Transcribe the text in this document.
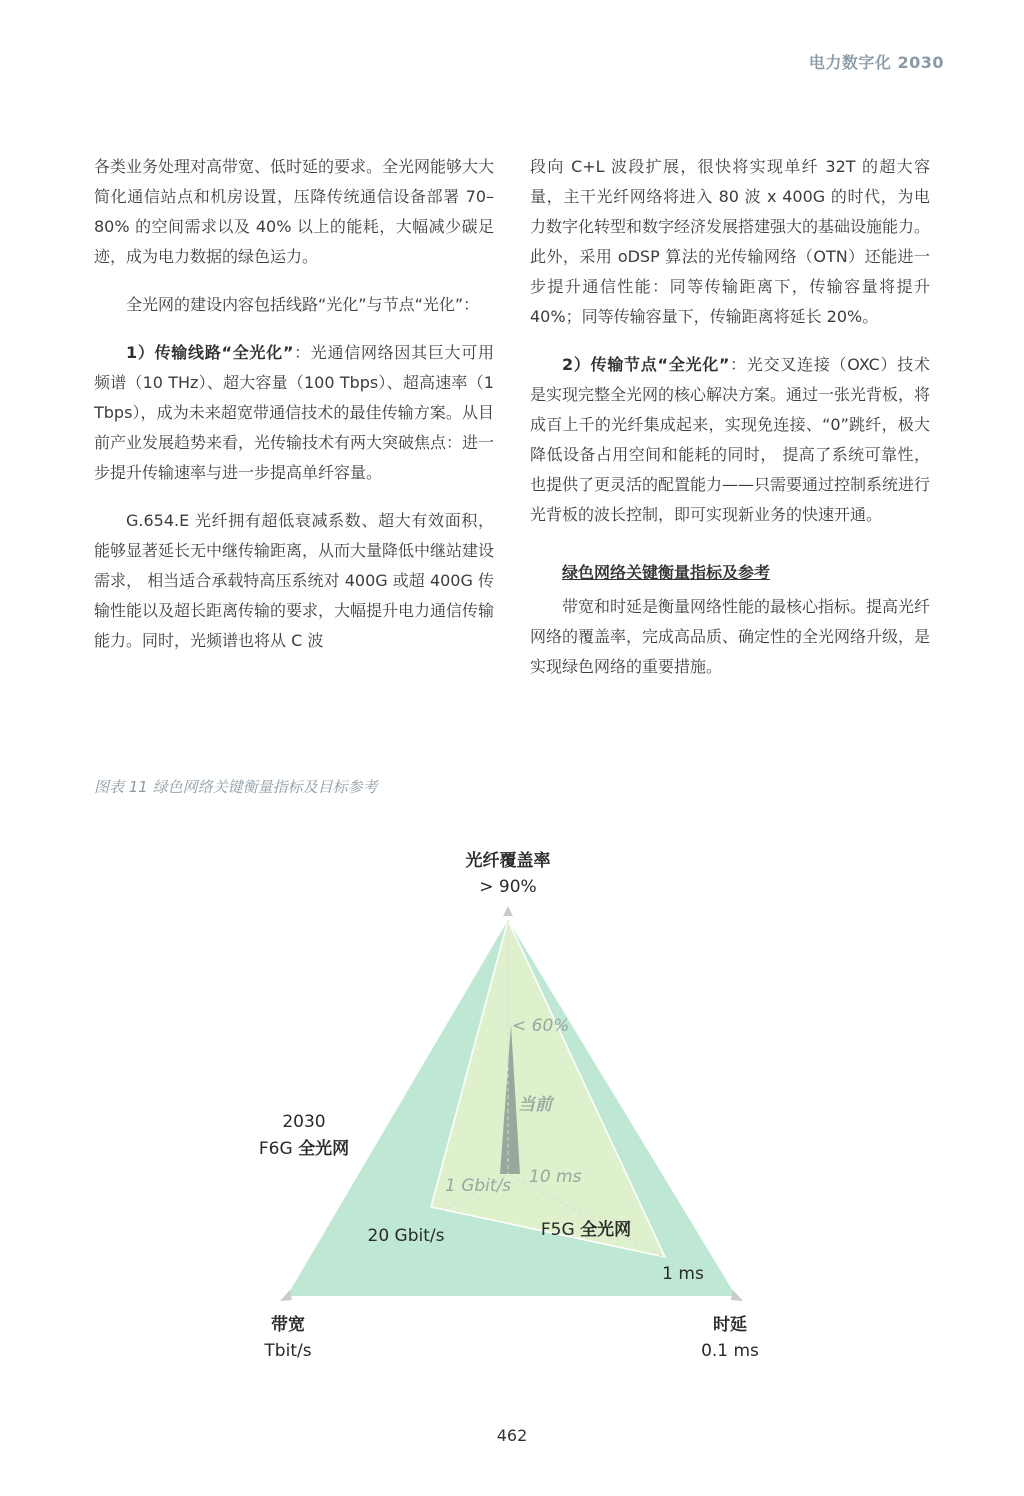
电力数字化 2030

各类业务处理对高带宽、低时延的要求。全光网能够大大简化通信站点和机房设置，压降传统通信设备部署 70–80% 的空间需求以及 40% 以上的能耗，大幅减少碳足迹，成为电力数据的绿色运力。

全光网的建设内容包括线路“光化”与节点“光化”：

1）传输线路“全光化”：光通信网络因其巨大可用频谱（10 THz）、超大容量（100 Tbps）、超高速率（1 Tbps），成为未来超宽带通信技术的最佳传输方案。从目前产业发展趋势来看，光传输技术有两大突破焦点：进一步提升传输速率与进一步提高单纤容量。

G.654.E 光纤拥有超低衰减系数、超大有效面积，能够显著延长无中继传输距离，从而大量降低中继站建设需求， 相当适合承载特高压系统对 400G 或超 400G 传输性能以及超长距离传输的要求，大幅提升电力通信传输能力。同时，光频谱也将从 C 波

段向 C+L 波段扩展，很快将实现单纤 32T 的超大容量，主干光纤网络将进入 80 波 x 400G 的时代，为电力数字化转型和数字经济发展搭建强大的基础设施能力。此外，采用 oDSP 算法的光传输网络（OTN）还能进一步提升通信性能：同等传输距离下，传输容量将提升 40%；同等传输容量下，传输距离将延长 20%。

2）传输节点“全光化”：光交叉连接（OXC）技术是实现完整全光网的核心解决方案。通过一张光背板，将成百上千的光纤集成起来，实现免连接、“0”跳纤，极大降低设备占用空间和能耗的同时， 提高了系统可靠性，也提供了更灵活的配置能力——只需要通过控制系统进行光背板的波长控制，即可实现新业务的快速开通。

绿色网络关键衡量指标及参考

带宽和时延是衡量网络性能的最核心指标。提高光纤网络的覆盖率，完成高品质、确定性的全光网络升级，是实现绿色网络的重要措施。

图表 11 绿色网络关键衡量指标及目标参考
光纤覆盖率
> 90%
带宽
Tbit/s
时延
0.1 ms
2030
F6G 全光网
F5G 全光网
20 Gbit/s
1 ms
当前
< 60%
1 Gbit/s 10 ms
462
